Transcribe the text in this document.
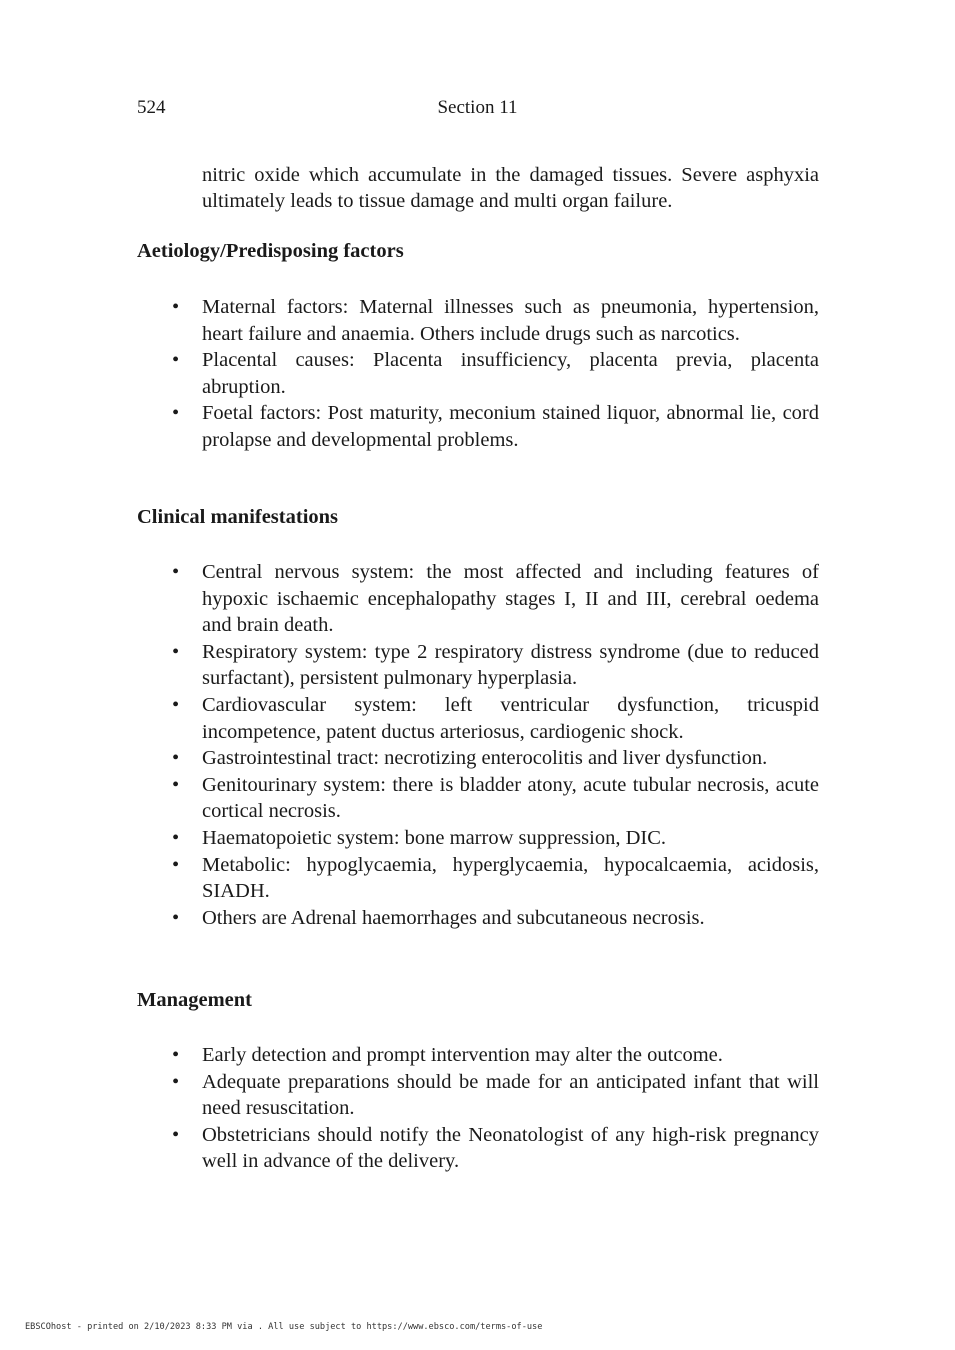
524	Section 11

nitric oxide which accumulate in the damaged tissues. Severe asphyxia ultimately leads to tissue damage and multi organ failure.

Aetiology/Predisposing factors
• Maternal factors: Maternal illnesses such as pneumonia, hypertension, heart failure and anaemia. Others include drugs such as narcotics.
• Placental causes: Placenta insufficiency, placenta previa, placenta abruption.
• Foetal factors: Post maturity, meconium stained liquor, abnormal lie, cord prolapse and developmental problems.
Clinical manifestations
• Central nervous system: the most affected and including features of hypoxic ischaemic encephalopathy stages I, II and III, cerebral oedema and brain death.
• Respiratory system: type 2 respiratory distress syndrome (due to reduced surfactant), persistent pulmonary hyperplasia.
• Cardiovascular system: left ventricular dysfunction, tricuspid incompetence, patent ductus arteriosus, cardiogenic shock.
• Gastrointestinal tract: necrotizing enterocolitis and liver dysfunction.
• Genitourinary system: there is bladder atony, acute tubular necrosis, acute cortical necrosis.
• Haematopoietic system: bone marrow suppression, DIC.
• Metabolic: hypoglycaemia, hyperglycaemia, hypocalcaemia, acidosis, SIADH.
• Others are Adrenal haemorrhages and subcutaneous necrosis.
Management
• Early detection and prompt intervention may alter the outcome.
• Adequate preparations should be made for an anticipated infant that will need resuscitation.
• Obstetricians should notify the Neonatologist of any high-risk pregnancy well in advance of the delivery.
EBSCOhost - printed on 2/10/2023 8:33 PM via . All use subject to https://www.ebsco.com/terms-of-use
